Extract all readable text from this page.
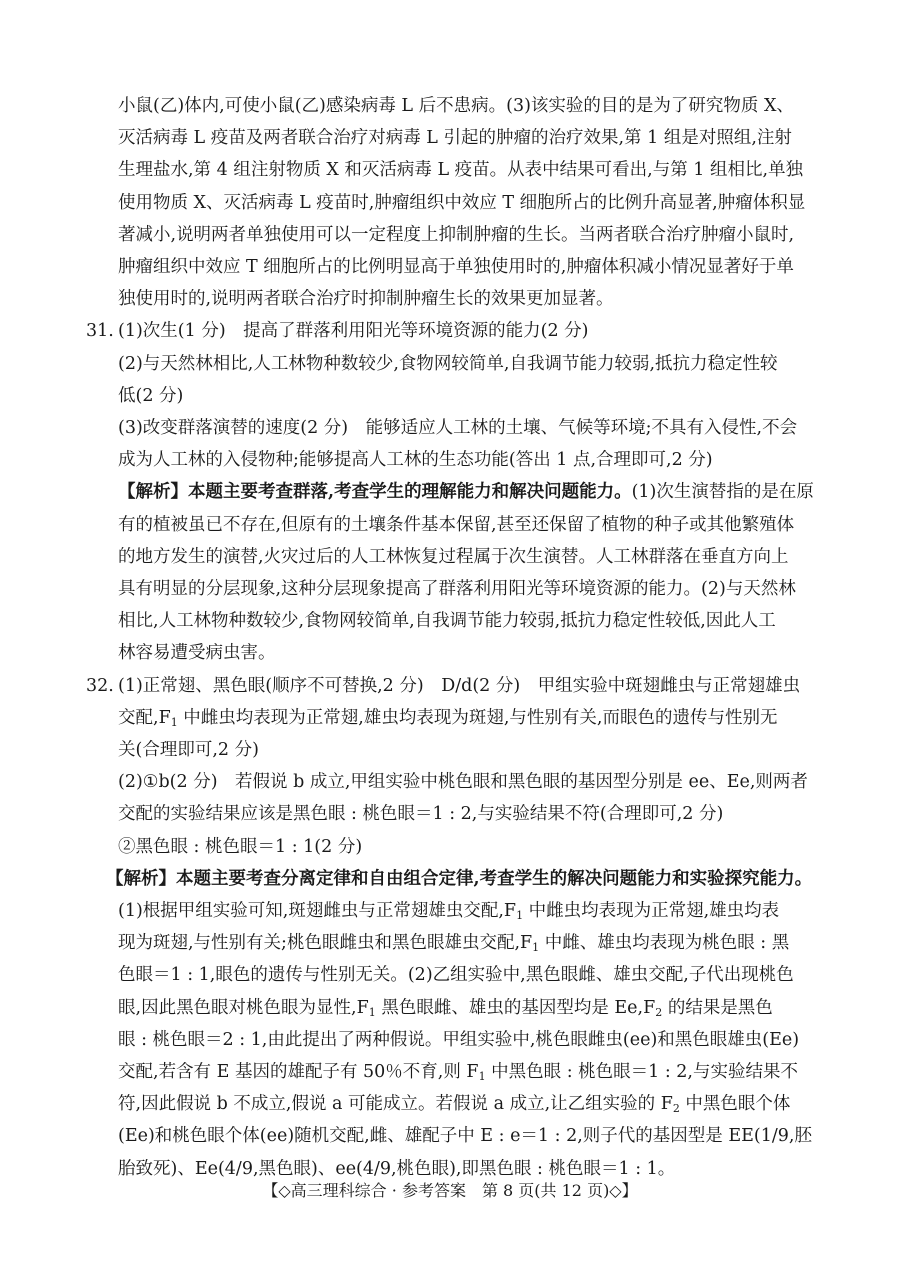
小鼠(乙)体内,可使小鼠(乙)感染病毒 L 后不患病。(3)该实验的目的是为了研究物质 X、
灭活病毒 L 疫苗及两者联合治疗对病毒 L 引起的肿瘤的治疗效果,第 1 组是对照组,注射
生理盐水,第 4 组注射物质 X 和灭活病毒 L 疫苗。从表中结果可看出,与第 1 组相比,单独
使用物质 X、灭活病毒 L 疫苗时,肿瘤组织中效应 T 细胞所占的比例升高显著,肿瘤体积显
著减小,说明两者单独使用可以一定程度上抑制肿瘤的生长。当两者联合治疗肿瘤小鼠时,
肿瘤组织中效应 T 细胞所占的比例明显高于单独使用时的,肿瘤体积减小情况显著好于单
独使用时的,说明两者联合治疗时抑制肿瘤生长的效果更加显著。
31. (1)次生(1 分)　提高了群落利用阳光等环境资源的能力(2 分)
(2)与天然林相比,人工林物种数较少,食物网较简单,自我调节能力较弱,抵抗力稳定性较
低(2 分)
(3)改变群落演替的速度(2 分)　能够适应人工林的土壤、气候等环境;不具有入侵性,不会
成为人工林的入侵物种;能够提高人工林的生态功能(答出 1 点,合理即可,2 分)
【解析】本题主要考查群落,考查学生的理解能力和解决问题能力。(1)次生演替指的是在原
有的植被虽已不存在,但原有的土壤条件基本保留,甚至还保留了植物的种子或其他繁殖体
的地方发生的演替,火灾过后的人工林恢复过程属于次生演替。人工林群落在垂直方向上
具有明显的分层现象,这种分层现象提高了群落利用阳光等环境资源的能力。(2)与天然林
相比,人工林物种数较少,食物网较简单,自我调节能力较弱,抵抗力稳定性较低,因此人工
林容易遭受病虫害。
32. (1)正常翅、黑色眼(顺序不可替换,2 分)　D/d(2 分)　甲组实验中斑翅雌虫与正常翅雄虫
交配$,F_1$ 中雌虫均表现为正常翅,雄虫均表现为斑翅,与性别有关,而眼色的遗传与性别无
关(合理即可,2 分)
(2)①b(2 分)　若假说 b 成立,甲组实验中桃色眼和黑色眼的基因型分别是 ee、Ee,则两者
交配的实验结果应该是黑色眼 : 桃色眼＝1 : 2,与实验结果不符(合理即可,2 分)
②黑色眼 : 桃色眼＝1 : 1(2 分)
【解析】本题主要考查分离定律和自由组合定律,考查学生的解决问题能力和实验探究能力。
(1)根据甲组实验可知,斑翅雌虫与正常翅雄虫交配$,F_1$ 中雌虫均表现为正常翅,雄虫均表
现为斑翅,与性别有关;桃色眼雌虫和黑色眼雄虫交配$,F_1$ 中雌、雄虫均表现为桃色眼 : 黑
色眼＝1 : 1,眼色的遗传与性别无关。(2)乙组实验中,黑色眼雌、雄虫交配,子代出现桃色
眼,因此黑色眼对桃色眼为显性$,F_1$ 黑色眼雌、雄虫的基因型均是 $Ee,F_2$ 的结果是黑色
眼 : 桃色眼＝2 : 1,由此提出了两种假说。甲组实验中,桃色眼雌虫(ee)和黑色眼雄虫(Ee)
交配,若含有 E 基因的雄配子有 50％不育,则 $F_1$ 中黑色眼 : 桃色眼＝1 : 2,与实验结果不
符,因此假说 b 不成立,假说 a 可能成立。若假说 a 成立,让乙组实验的 $F_2$ 中黑色眼个体
(Ee)和桃色眼个体(ee)随机交配,雌、雄配子中 E : e＝1 : 2,则子代的基因型是 EE(1/9,胚
胎致死)、Ee(4/9,黑色眼)、ee(4/9,桃色眼),即黑色眼 : 桃色眼＝1 : 1。
【◇高三理科综合 · 参考答案　第 8 页(共 12 页)◇】
